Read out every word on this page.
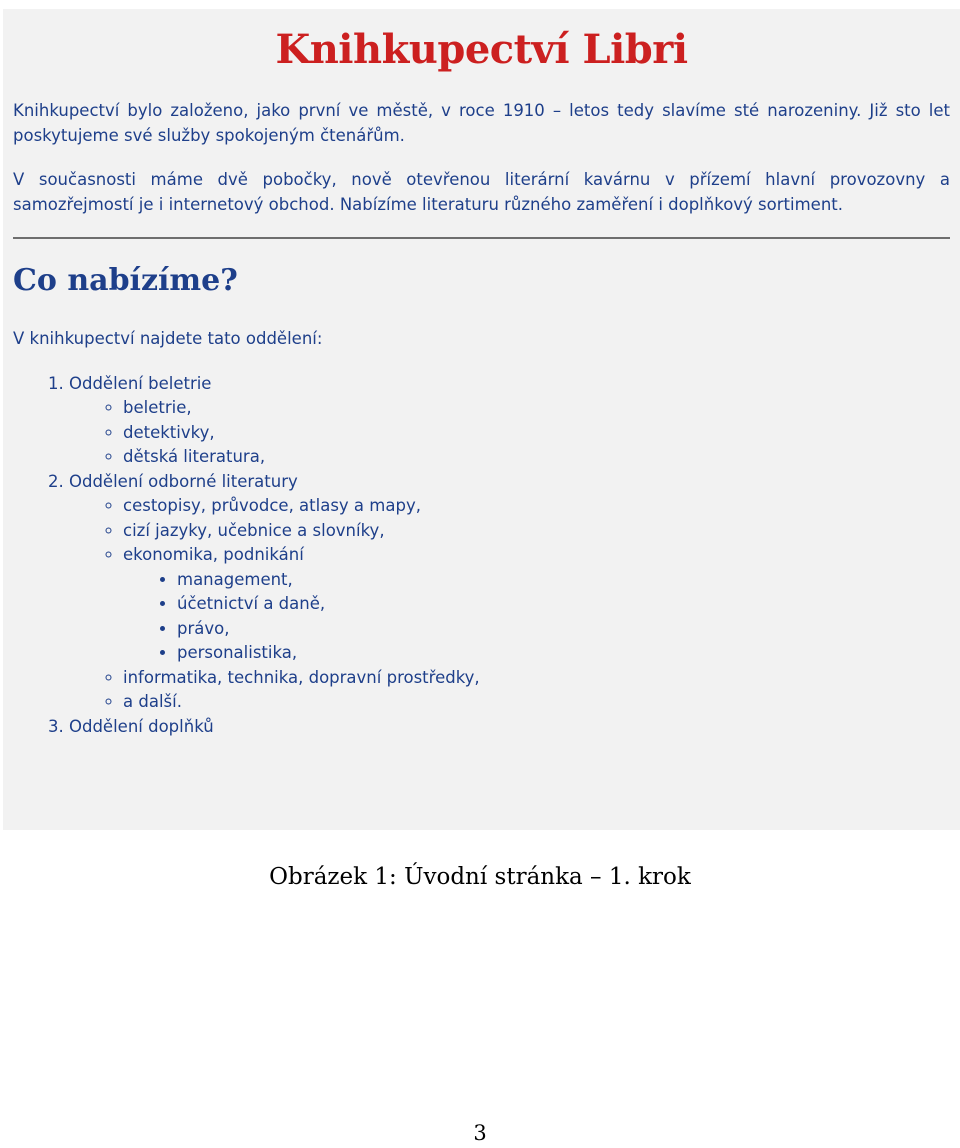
Knihkupectví Libri

Knihkupectví bylo založeno, jako první ve městě, v roce 1910 – letos tedy slavíme sté narozeniny. Již sto let poskytujeme své služby spokojeným čtenářům.

V současnosti máme dvě pobočky, nově otevřenou literární kavárnu v přízemí hlavní provozovny a samozřejmostí je i internetový obchod. Nabízíme literaturu různého zaměření i doplňkový sortiment.

Co nabízíme?

V knihkupectví najdete tato oddělení:

1. Oddělení beletrie
◦ beletrie,
◦ detektivky,
◦ dětská literatura,
2. Oddělení odborné literatury
◦ cestopisy, průvodce, atlasy a mapy,
◦ cizí jazyky, učebnice a slovníky,
◦ ekonomika, podnikání
• management,
• účetnictví a daně,
• právo,
• personalistika,
◦ informatika, technika, dopravní prostředky,
◦ a další.
3. Oddělení doplňků
Obrázek 1: Úvodní stránka – 1. krok
3
